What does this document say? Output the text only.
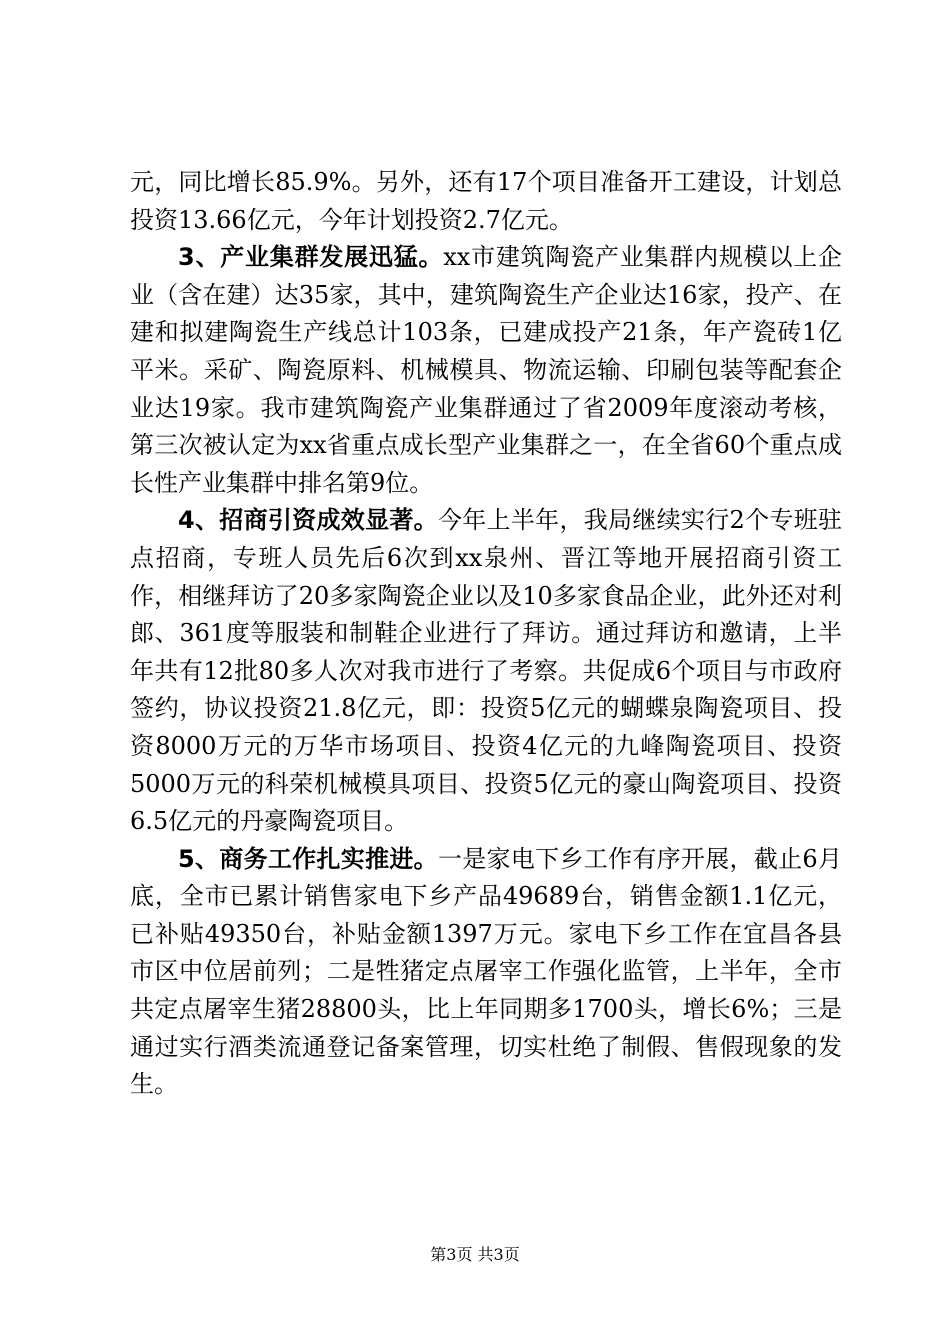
元，同比增长85.9%。另外，还有17个项目准备开工建设，计划总投资13.66亿元，今年计划投资2.7亿元。

3、产业集群发展迅猛。xx市建筑陶瓷产业集群内规模以上企业（含在建）达35家，其中，建筑陶瓷生产企业达16家，投产、在建和拟建陶瓷生产线总计103条，已建成投产21条，年产瓷砖1亿平米。采矿、陶瓷原料、机械模具、物流运输、印刷包装等配套企业达19家。我市建筑陶瓷产业集群通过了省2009年度滚动考核，第三次被认定为xx省重点成长型产业集群之一，在全省60个重点成长性产业集群中排名第9位。

4、招商引资成效显著。今年上半年，我局继续实行2个专班驻点招商，专班人员先后6次到xx泉州、晋江等地开展招商引资工作，相继拜访了20多家陶瓷企业以及10多家食品企业，此外还对利郎、361度等服装和制鞋企业进行了拜访。通过拜访和邀请，上半年共有12批80多人次对我市进行了考察。共促成6个项目与市政府签约，协议投资21.8亿元，即：投资5亿元的蝴蝶泉陶瓷项目、投资8000万元的万华市场项目、投资4亿元的九峰陶瓷项目、投资5000万元的科荣机械模具项目、投资5亿元的豪山陶瓷项目、投资6.5亿元的丹豪陶瓷项目。

5、商务工作扎实推进。一是家电下乡工作有序开展，截止6月底，全市已累计销售家电下乡产品49689台，销售金额1.1亿元，已补贴49350台，补贴金额1397万元。家电下乡工作在宜昌各县市区中位居前列；二是牲猪定点屠宰工作强化监管，上半年，全市共定点屠宰生猪28800头，比上年同期多1700头，增长6%；三是通过实行酒类流通登记备案管理，切实杜绝了制假、售假现象的发生。

第3页 共3页
